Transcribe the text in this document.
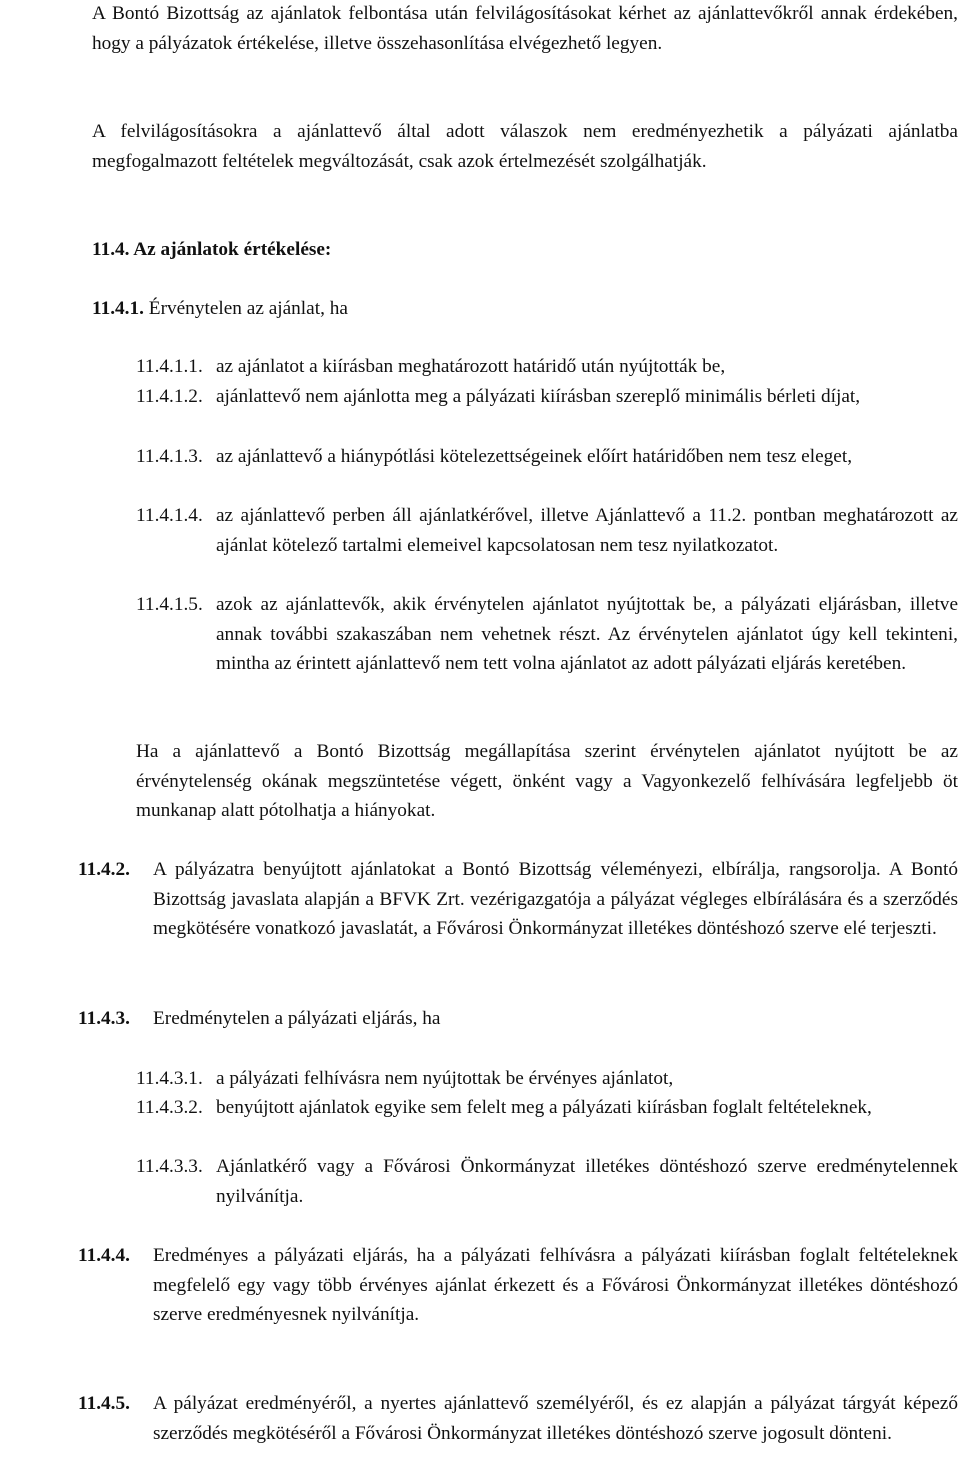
A Bontó Bizottság az ajánlatok felbontása után felvilágosításokat kérhet az ajánlattevőkről annak érdekében, hogy a pályázatok értékelése, illetve összehasonlítása elvégezhető legyen.

A felvilágosításokra a ajánlattevő által adott válaszok nem eredményezhetik a pályázati ajánlatba megfogalmazott feltételek megváltozását, csak azok értelmezését szolgálhatják.

11.4. Az ajánlatok értékelése:
11.4.1. Érvénytelen az ajánlat, ha
11.4.1.1. az ajánlatot a kiírásban meghatározott határidő után nyújtották be,
11.4.1.2. ajánlattevő nem ajánlotta meg a pályázati kiírásban szereplő minimális bérleti díjat,
11.4.1.3. az ajánlattevő a hiánypótlási kötelezettségeinek előírt határidőben nem tesz eleget,
11.4.1.4. az ajánlattevő perben áll ajánlatkérővel, illetve Ajánlattevő a 11.2. pontban meghatározott az ajánlat kötelező tartalmi elemeivel kapcsolatosan nem tesz nyilatkozatot.
11.4.1.5. azok az ajánlattevők, akik érvénytelen ajánlatot nyújtottak be, a pályázati eljárásban, illetve annak további szakaszában nem vehetnek részt. Az érvénytelen ajánlatot úgy kell tekinteni, mintha az érintett ajánlattevő nem tett volna ajánlatot az adott pályázati eljárás keretében.

Ha a ajánlattevő a Bontó Bizottság megállapítása szerint érvénytelen ajánlatot nyújtott be az érvénytelenség okának megszüntetése végett, önként vagy a Vagyonkezelő felhívására legfeljebb öt munkanap alatt pótolhatja a hiányokat.

11.4.2. A pályázatra benyújtott ajánlatokat a Bontó Bizottság véleményezi, elbírálja, rangsorolja. A Bontó Bizottság javaslata alapján a BFVK Zrt. vezérigazgatója a pályázat végleges elbírálására és a szerződés megkötésére vonatkozó javaslatát, a Fővárosi Önkormányzat illetékes döntéshozó szerve elé terjeszti.
11.4.3. Eredménytelen a pályázati eljárás, ha
11.4.3.1. a pályázati felhívásra nem nyújtottak be érvényes ajánlatot,
11.4.3.2. benyújtott ajánlatok egyike sem felelt meg a pályázati kiírásban foglalt feltételeknek,
11.4.3.3. Ajánlatkérő vagy a Fővárosi Önkormányzat illetékes döntéshozó szerve eredménytelennek nyilvánítja.
11.4.4. Eredményes a pályázati eljárás, ha a pályázati felhívásra a pályázati kiírásban foglalt feltételeknek megfelelő egy vagy több érvényes ajánlat érkezett és a Fővárosi Önkormányzat illetékes döntéshozó szerve eredményesnek nyilvánítja.
11.4.5. A pályázat eredményéről, a nyertes ajánlattevő személyéről, és ez alapján a pályázat tárgyát képező szerződés megkötéséről a Fővárosi Önkormányzat illetékes döntéshozó szerve jogosult dönteni.
